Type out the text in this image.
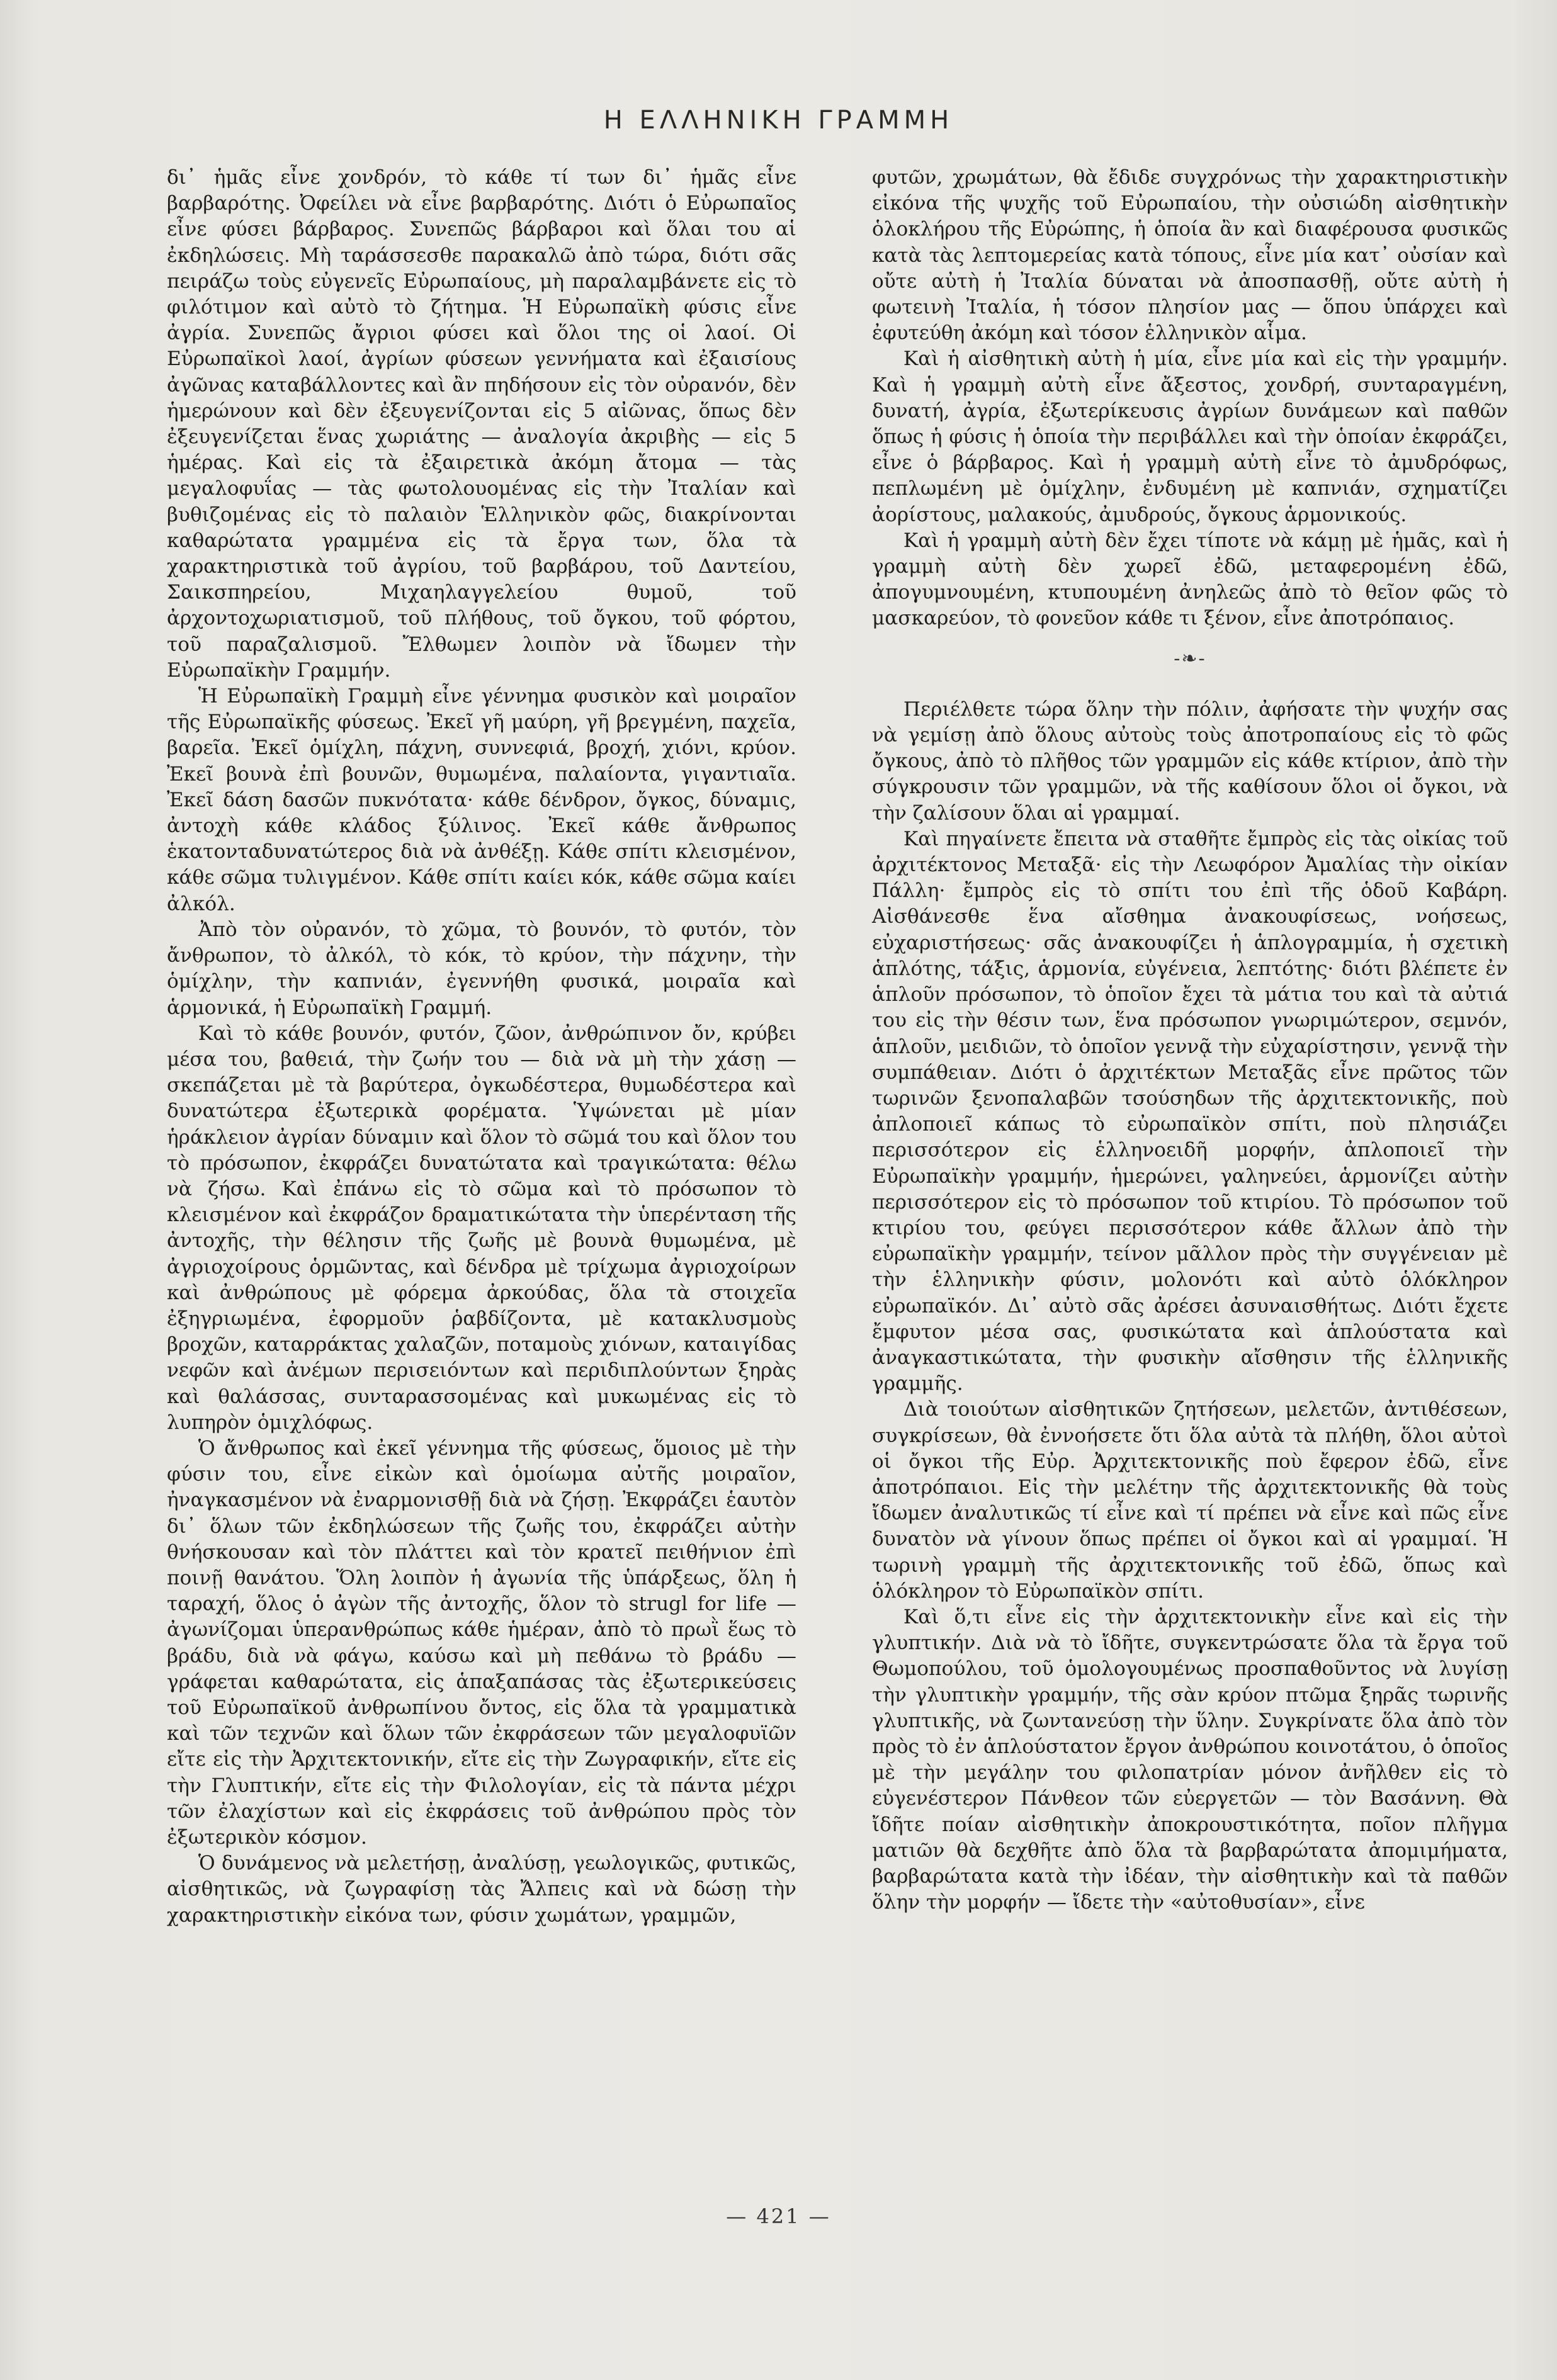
Η ΕΛΛΗΝΙΚΗ ΓΡΑΜΜΗ

δι᾽ ἡμᾶς εἶνε χονδρόν, τὸ κάθε τί των δι᾽ ἡμᾶς εἶνε βαρβαρότης. Ὀφείλει νὰ εἶνε βαρβαρότης. Διότι ὁ Εὐρωπαῖος εἶνε φύσει βάρβαρος. Συνεπῶς βάρβαροι καὶ ὅλαι του αἱ ἐκδηλώσεις. Μὴ ταράσσεσθε παρακαλῶ ἀπὸ τώρα, διότι σᾶς πειράζω τοὺς εὐγενεῖς Εὐρωπαίους, μὴ παραλαμβάνετε εἰς τὸ φιλότιμον καὶ αὐτὸ τὸ ζήτημα. Ἡ Εὐρωπαϊκὴ φύσις εἶνε ἀγρία. Συνεπῶς ἄγριοι φύσει καὶ ὅλοι της οἱ λαοί. Οἱ Εὐρωπαϊκοὶ λαοί, ἀγρίων φύσεων γεννήματα καὶ ἐξαισίους ἀγῶνας καταβάλλοντες καὶ ἂν πηδήσουν εἰς τὸν οὐρανόν, δὲν ἡμερώνουν καὶ δὲν ἐξευγενίζονται εἰς 5 αἰῶνας, ὅπως δὲν ἐξευγενίζεται ἕνας χωριάτης — ἀναλογία ἀκριβὴς — εἰς 5 ἡμέρας. Καὶ εἰς τὰ ἐξαιρετικὰ ἀκόμη ἄτομα — τὰς μεγαλοφυΐας — τὰς φωτολουομένας εἰς τὴν Ἰταλίαν καὶ βυθιζομένας εἰς τὸ παλαιὸν Ἑλληνικὸν φῶς, διακρίνονται καθαρώτατα γραμμένα εἰς τὰ ἔργα των, ὅλα τὰ χαρακτηριστικὰ τοῦ ἀγρίου, τοῦ βαρβάρου, τοῦ Δαντείου, Σαικσπηρείου, Μιχαηλαγγελείου θυμοῦ, τοῦ ἀρχοντοχωριατισμοῦ, τοῦ πλήθους, τοῦ ὄγκου, τοῦ φόρτου, τοῦ παραζαλισμοῦ. Ἔλθωμεν λοιπὸν νὰ ἴδωμεν τὴν Εὐρωπαϊκὴν Γραμμήν.

Ἡ Εὐρωπαϊκὴ Γραμμὴ εἶνε γέννημα φυσικὸν καὶ μοιραῖον τῆς Εὐρωπαϊκῆς φύσεως. Ἐκεῖ γῆ μαύρη, γῆ βρεγμένη, παχεῖα, βαρεῖα. Ἐκεῖ ὁμίχλη, πάχνη, συννεφιά, βροχή, χιόνι, κρύον. Ἐκεῖ βουνὰ ἐπὶ βουνῶν, θυμωμένα, παλαίοντα, γιγαντιαῖα. Ἐκεῖ δάση δασῶν πυκνότατα· κάθε δένδρον, ὄγκος, δύναμις, ἀντοχὴ κάθε κλάδος ξύλινος. Ἐκεῖ κάθε ἄνθρωπος ἑκατονταδυνατώτερος διὰ νὰ ἀνθέξῃ. Κάθε σπίτι κλεισμένον, κάθε σῶμα τυλιγμένον. Κάθε σπίτι καίει κόκ, κάθε σῶμα καίει ἀλκόλ.

Ἀπὸ τὸν οὐρανόν, τὸ χῶμα, τὸ βουνόν, τὸ φυτόν, τὸν ἄνθρωπον, τὸ ἀλκόλ, τὸ κόκ, τὸ κρύον, τὴν πάχνην, τὴν ὁμίχλην, τὴν καπνιάν, ἐγεννήθη φυσικά, μοιραῖα καὶ ἁρμονικά, ἡ Εὐρωπαϊκὴ Γραμμή.

Καὶ τὸ κάθε βουνόν, φυτόν, ζῶον, ἀνθρώπινον ὄν, κρύβει μέσα του, βαθειά, τὴν ζωήν του — διὰ νὰ μὴ τὴν χάσῃ — σκεπάζεται μὲ τὰ βαρύτερα, ὀγκωδέστερα, θυμωδέστερα καὶ δυνατώτερα ἐξωτερικὰ φορέματα. Ὑψώνεται μὲ μίαν ἡράκλειον ἀγρίαν δύναμιν καὶ ὅλον τὸ σῶμά του καὶ ὅλον του τὸ πρόσωπον, ἐκφράζει δυνατώτατα καὶ τραγικώτατα: θέλω νὰ ζήσω. Καὶ ἐπάνω εἰς τὸ σῶμα καὶ τὸ πρόσωπον τὸ κλεισμένον καὶ ἐκφράζον δραματικώτατα τὴν ὑπερένταση τῆς ἀντοχῆς, τὴν θέλησιν τῆς ζωῆς μὲ βουνὰ θυμωμένα, μὲ ἀγριοχοίρους ὁρμῶντας, καὶ δένδρα μὲ τρίχωμα ἀγριοχοίρων καὶ ἀνθρώπους μὲ φόρεμα ἀρκούδας, ὅλα τὰ στοιχεῖα ἐξηγριωμένα, ἐφορμοῦν ῥαβδίζοντα, μὲ κατακλυσμοὺς βροχῶν, καταρράκτας χαλαζῶν, ποταμοὺς χιόνων, καταιγίδας νεφῶν καὶ ἀνέμων περισειόντων καὶ περιδιπλούντων ξηρὰς καὶ θαλάσσας, συνταρασσομένας καὶ μυκωμένας εἰς τὸ λυπηρὸν ὁμιχλόφως.

Ὁ ἄνθρωπος καὶ ἐκεῖ γέννημα τῆς φύσεως, ὅμοιος μὲ τὴν φύσιν του, εἶνε εἰκὼν καὶ ὁμοίωμα αὐτῆς μοιραῖον, ἠναγκασμένον νὰ ἐναρμονισθῇ διὰ νὰ ζήσῃ. Ἐκφράζει ἑαυτὸν δι᾽ ὅλων τῶν ἐκδηλώσεων τῆς ζωῆς του, ἐκφράζει αὐτὴν θνήσκουσαν καὶ τὸν πλάττει καὶ τὸν κρατεῖ πειθήνιον ἐπὶ ποινῇ θανάτου. Ὅλη λοιπὸν ἡ ἀγωνία τῆς ὑπάρξεως, ὅλη ἡ ταραχή, ὅλος ὁ ἀγὼν τῆς ἀντοχῆς, ὅλον τὸ strugl for life — ἀγωνίζομαι ὑπερανθρώπως κάθε ἡμέραν, ἀπὸ τὸ πρωῒ ἕως τὸ βράδυ, διὰ νὰ φάγω, καύσω καὶ μὴ πεθάνω τὸ βράδυ — γράφεται καθαρώτατα, εἰς ἁπαξαπάσας τὰς ἐξωτερικεύσεις τοῦ Εὐρωπαϊκοῦ ἀνθρωπίνου ὄντος, εἰς ὅλα τὰ γραμματικὰ καὶ τῶν τεχνῶν καὶ ὅλων τῶν ἐκφράσεων τῶν μεγαλοφυϊῶν εἴτε εἰς τὴν Ἀρχιτεκτονικήν, εἴτε εἰς τὴν Ζωγραφικήν, εἴτε εἰς τὴν Γλυπτικήν, εἴτε εἰς τὴν Φιλολογίαν, εἰς τὰ πάντα μέχρι τῶν ἐλαχίστων καὶ εἰς ἐκφράσεις τοῦ ἀνθρώπου πρὸς τὸν ἐξωτερικὸν κόσμον.

Ὁ δυνάμενος νὰ μελετήσῃ, ἀναλύσῃ, γεωλογικῶς, φυτικῶς, αἰσθητικῶς, νὰ ζωγραφίσῃ τὰς Ἄλπεις καὶ νὰ δώσῃ τὴν χαρακτηριστικὴν εἰκόνα των, φύσιν χωμάτων, γραμμῶν,

φυτῶν, χρωμάτων, θὰ ἔδιδε συγχρόνως τὴν χαρακτηριστικὴν εἰκόνα τῆς ψυχῆς τοῦ Εὐρωπαίου, τὴν οὐσιώδη αἰσθητικὴν ὁλοκλήρου τῆς Εὐρώπης, ἡ ὁποία ἂν καὶ διαφέρουσα φυσικῶς κατὰ τὰς λεπτομερείας κατὰ τόπους, εἶνε μία κατ᾽ οὐσίαν καὶ οὔτε αὐτὴ ἡ Ἰταλία δύναται νὰ ἀποσπασθῇ, οὔτε αὐτὴ ἡ φωτεινὴ Ἰταλία, ἡ τόσον πλησίον μας — ὅπου ὑπάρχει καὶ ἐφυτεύθη ἀκόμη καὶ τόσον ἑλληνικὸν αἷμα.

Καὶ ἡ αἰσθητικὴ αὐτὴ ἡ μία, εἶνε μία καὶ εἰς τὴν γραμμήν. Καὶ ἡ γραμμὴ αὐτὴ εἶνε ἄξεστος, χονδρή, συνταραγμένη, δυνατή, ἀγρία, ἐξωτερίκευσις ἀγρίων δυνάμεων καὶ παθῶν ὅπως ἡ φύσις ἡ ὁποία τὴν περιβάλλει καὶ τὴν ὁποίαν ἐκφράζει, εἶνε ὁ βάρβαρος. Καὶ ἡ γραμμὴ αὐτὴ εἶνε τὸ ἀμυδρόφως, πεπλωμένη μὲ ὁμίχλην, ἐνδυμένη μὲ καπνιάν, σχηματίζει ἀορίστους, μαλακούς, ἀμυδρούς, ὄγκους ἁρμονικούς.

Καὶ ἡ γραμμὴ αὐτὴ δὲν ἔχει τίποτε νὰ κάμῃ μὲ ἡμᾶς, καὶ ἡ γραμμὴ αὐτὴ δὲν χωρεῖ ἐδῶ, μεταφερομένη ἐδῶ, ἀπογυμνουμένη, κτυπουμένη ἀνηλεῶς ἀπὸ τὸ θεῖον φῶς τὸ μασκαρεύον, τὸ φονεῦον κάθε τι ξένον, εἶνε ἀποτρόπαιος.

-❧-

Περιέλθετε τώρα ὅλην τὴν πόλιν, ἀφήσατε τὴν ψυχήν σας νὰ γεμίσῃ ἀπὸ ὅλους αὐτοὺς τοὺς ἀποτροπαίους εἰς τὸ φῶς ὄγκους, ἀπὸ τὸ πλῆθος τῶν γραμμῶν εἰς κάθε κτίριον, ἀπὸ τὴν σύγκρουσιν τῶν γραμμῶν, νὰ τῆς καθίσουν ὅλοι οἱ ὄγκοι, νὰ τὴν ζαλίσουν ὅλαι αἱ γραμμαί.

Καὶ πηγαίνετε ἔπειτα νὰ σταθῆτε ἔμπρὸς εἰς τὰς οἰκίας τοῦ ἀρχιτέκτονος Μεταξᾶ· εἰς τὴν Λεωφόρον Ἀμαλίας τὴν οἰκίαν Πάλλη· ἔμπρὸς εἰς τὸ σπίτι του ἐπὶ τῆς ὁδοῦ Καβάρη. Αἰσθάνεσθε ἕνα αἴσθημα ἀνακουφίσεως, νοήσεως, εὐχαριστήσεως· σᾶς ἀνακουφίζει ἡ ἁπλογραμμία, ἡ σχετικὴ ἁπλότης, τάξις, ἁρμονία, εὐγένεια, λεπτότης· διότι βλέπετε ἐν ἁπλοῦν πρόσωπον, τὸ ὁποῖον ἔχει τὰ μάτια του καὶ τὰ αὐτιά του εἰς τὴν θέσιν των, ἕνα πρόσωπον γνωριμώτερον, σεμνόν, ἁπλοῦν, μειδιῶν, τὸ ὁποῖον γεννᾷ τὴν εὐχαρίστησιν, γεννᾷ τὴν συμπάθειαν. Διότι ὁ ἀρχιτέκτων Μεταξᾶς εἶνε πρῶτος τῶν τωρινῶν ξενοπαλαβῶν τσούσηδων τῆς ἀρχιτεκτονικῆς, ποὺ ἀπλοποιεῖ κάπως τὸ εὐρωπαϊκὸν σπίτι, ποὺ πλησιάζει περισσότερον εἰς ἑλληνοειδῆ μορφήν, ἀπλοποιεῖ τὴν Εὐρωπαϊκὴν γραμμήν, ἡμερώνει, γαληνεύει, ἁρμονίζει αὐτὴν περισσότερον εἰς τὸ πρόσωπον τοῦ κτιρίου. Τὸ πρόσωπον τοῦ κτιρίου του, φεύγει περισσότερον κάθε ἄλλων ἀπὸ τὴν εὐρωπαϊκὴν γραμμήν, τείνον μᾶλλον πρὸς τὴν συγγένειαν μὲ τὴν ἑλληνικὴν φύσιν, μολονότι καὶ αὐτὸ ὁλόκληρον εὐρωπαϊκόν. Δι᾽ αὐτὸ σᾶς ἀρέσει ἀσυναισθήτως. Διότι ἔχετε ἔμφυτον μέσα σας, φυσικώτατα καὶ ἁπλούστατα καὶ ἀναγκαστικώτατα, τὴν φυσικὴν αἴσθησιν τῆς ἑλληνικῆς γραμμῆς.

Διὰ τοιούτων αἰσθητικῶν ζητήσεων, μελετῶν, ἀντιθέσεων, συγκρίσεων, θὰ ἐννοήσετε ὅτι ὅλα αὐτὰ τὰ πλήθη, ὅλοι αὐτοὶ οἱ ὄγκοι τῆς Εὐρ. Ἀρχιτεκτονικῆς ποὺ ἔφερον ἐδῶ, εἶνε ἀποτρόπαιοι. Εἰς τὴν μελέτην τῆς ἀρχιτεκτονικῆς θὰ τοὺς ἴδωμεν ἀναλυτικῶς τί εἶνε καὶ τί πρέπει νὰ εἶνε καὶ πῶς εἶνε δυνατὸν νὰ γίνουν ὅπως πρέπει οἱ ὄγκοι καὶ αἱ γραμμαί. Ἡ τωρινὴ γραμμὴ τῆς ἀρχιτεκτονικῆς τοῦ ἐδῶ, ὅπως καὶ ὁλόκληρον τὸ Εὐρωπαϊκὸν σπίτι.

Καὶ ὅ,τι εἶνε εἰς τὴν ἀρχιτεκτονικὴν εἶνε καὶ εἰς τὴν γλυπτικήν. Διὰ νὰ τὸ ἴδῆτε, συγκεντρώσατε ὅλα τὰ ἔργα τοῦ Θωμοπούλου, τοῦ ὁμολογουμένως προσπαθοῦντος νὰ λυγίσῃ τὴν γλυπτικὴν γραμμήν, τῆς σὰν κρύον πτῶμα ξηρᾶς τωρινῆς γλυπτικῆς, νὰ ζωντανεύσῃ τὴν ὕλην. Συγκρίνατε ὅλα ἀπὸ τὸν πρὸς τὸ ἐν ἁπλούστατον ἔργον ἀνθρώπου κοινοτάτου, ὁ ὁποῖος μὲ τὴν μεγάλην του φιλοπατρίαν μόνον ἀνῆλθεν εἰς τὸ εὐγενέστερον Πάνθεον τῶν εὐεργετῶν — τὸν Βασάννη. Θὰ ἴδῆτε ποίαν αἰσθητικὴν ἀποκρουστικότητα, ποῖον πλῆγμα ματιῶν θὰ δεχθῆτε ἀπὸ ὅλα τὰ βαρβαρώτατα ἀπομιμήματα, βαρβαρώτατα κατὰ τὴν ἰδέαν, τὴν αἰσθητικὴν καὶ τὰ παθῶν ὅλην τὴν μορφήν — ἴδετε τὴν «αὐτοθυσίαν», εἶνε

— 421 —
